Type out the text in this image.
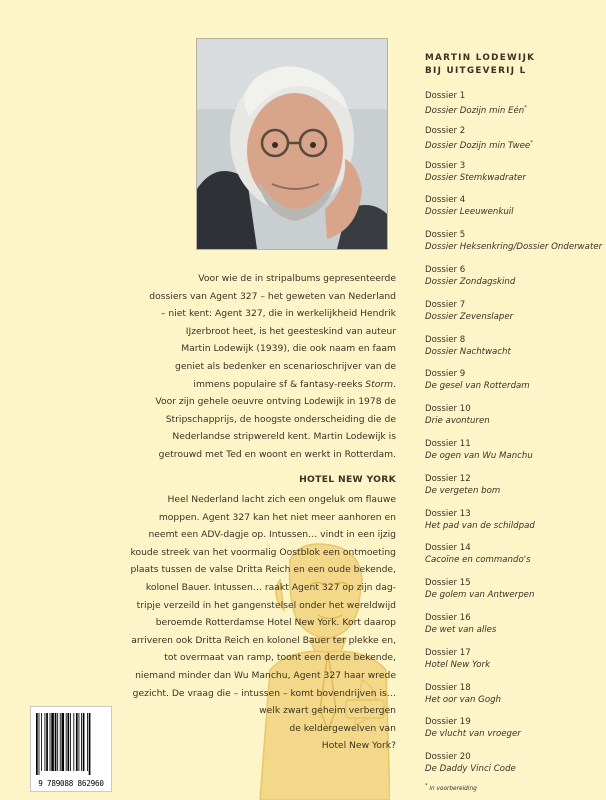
Voor wie de in stripalbums gepresenteerde
dossiers van Agent 327 – het geweten van Nederland
– niet kent: Agent 327, die in werkelijkheid Hendrik
IJzerbroot heet, is het geesteskind van auteur
Martin Lodewijk (1939), die ook naam en faam
geniet als bedenker en scenarioschrijver van de
immens populaire sf & fantasy-reeks Storm.
Voor zijn gehele oeuvre ontving Lodewijk in 1978 de
Stripschapprijs, de hoogste onderscheiding die de
Nederlandse stripwereld kent. Martin Lodewijk is
getrouwd met Ted en woont en werkt in Rotterdam.
HOTEL NEW YORK
Heel Nederland lacht zich een ongeluk om flauwe
moppen. Agent 327 kan het niet meer aanhoren en
neemt een ADV-dagje op. Intussen… vindt in een ijzig
koude streek van het voormalig Oostblok een ontmoeting
plaats tussen de valse Dritta Reich en een oude bekende,
kolonel Bauer. Intussen… raakt Agent 327 op zijn dag-
tripje verzeild in het gangenstelsel onder het wereldwijd
beroemde Rotterdamse Hotel New York. Kort daarop
arriveren ook Dritta Reich en kolonel Bauer ter plekke en,
tot overmaat van ramp, toont een derde bekende,
niemand minder dan Wu Manchu, Agent 327 haar wrede
gezicht. De vraag die – intussen – komt bovendrijven is…
welk zwart geheim verbergen
de keldergewelven van
Hotel New York?
9 789088 862960
MARTIN LODEWIJK
BIJ UITGEVERIJ L
Dossier 1
Dossier Dozijn min Eén*
Dossier 2
Dossier Dozijn min Twee*
Dossier 3
Dossier Stemkwadrater
Dossier 4
Dossier Leeuwenkuil
Dossier 5
Dossier Heksenkring/Dossier Onderwater
Dossier 6
Dossier Zondagskind
Dossier 7
Dossier Zevenslaper
Dossier 8
Dossier Nachtwacht
Dossier 9
De gesel van Rotterdam
Dossier 10
Drie avonturen
Dossier 11
De ogen van Wu Manchu
Dossier 12
De vergeten bom
Dossier 13
Het pad van de schildpad
Dossier 14
Cacoïne en commando's
Dossier 15
De golem van Antwerpen
Dossier 16
De wet van alles
Dossier 17
Hotel New York
Dossier 18
Het oor van Gogh
Dossier 19
De vlucht van vroeger
Dossier 20
De Daddy Vinci Code
* in voorbereiding
